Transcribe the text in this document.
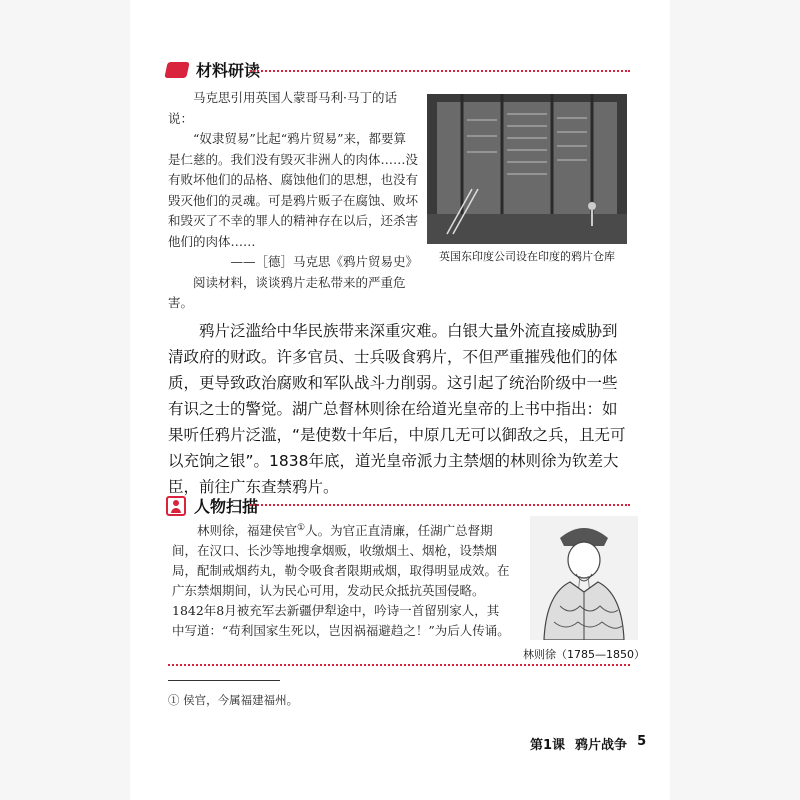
材料研读

马克思引用英国人蒙哥马利·马丁的话说：

“奴隶贸易”比起“鸦片贸易”来，都要算是仁慈的。我们没有毁灭非洲人的肉体……没有败坏他们的品格、腐蚀他们的思想，也没有毁灭他们的灵魂。可是鸦片贩子在腐蚀、败坏和毁灭了不幸的罪人的精神存在以后，还杀害他们的肉体……

——［德］马克思《鸦片贸易史》

阅读材料，谈谈鸦片走私带来的严重危害。

英国东印度公司设在印度的鸦片仓库

鸦片泛滥给中华民族带来深重灾难。白银大量外流直接威胁到清政府的财政。许多官员、士兵吸食鸦片，不但严重摧残他们的体质，更导致政治腐败和军队战斗力削弱。这引起了统治阶级中一些有识之士的警觉。湖广总督林则徐在给道光皇帝的上书中指出：如果听任鸦片泛滥，“是使数十年后，中原几无可以御敌之兵，且无可以充饷之银”。1838年底，道光皇帝派力主禁烟的林则徐为钦差大臣，前往广东查禁鸦片。

人物扫描
林则徐，福建侯官①人。为官正直清廉，任湖广总督期间，在汉口、长沙等地搜拿烟贩，收缴烟土、烟枪，设禁烟局，配制戒烟药丸，勒令吸食者限期戒烟，取得明显成效。在广东禁烟期间，认为民心可用，发动民众抵抗英国侵略。1842年8月被充军去新疆伊犁途中，吟诗一首留别家人，其中写道：“苟利国家生死以，岂因祸福避趋之！”为后人传诵。
林则徐（1785—1850）
① 侯官，今属福建福州。
第1课 鸦片战争 5
